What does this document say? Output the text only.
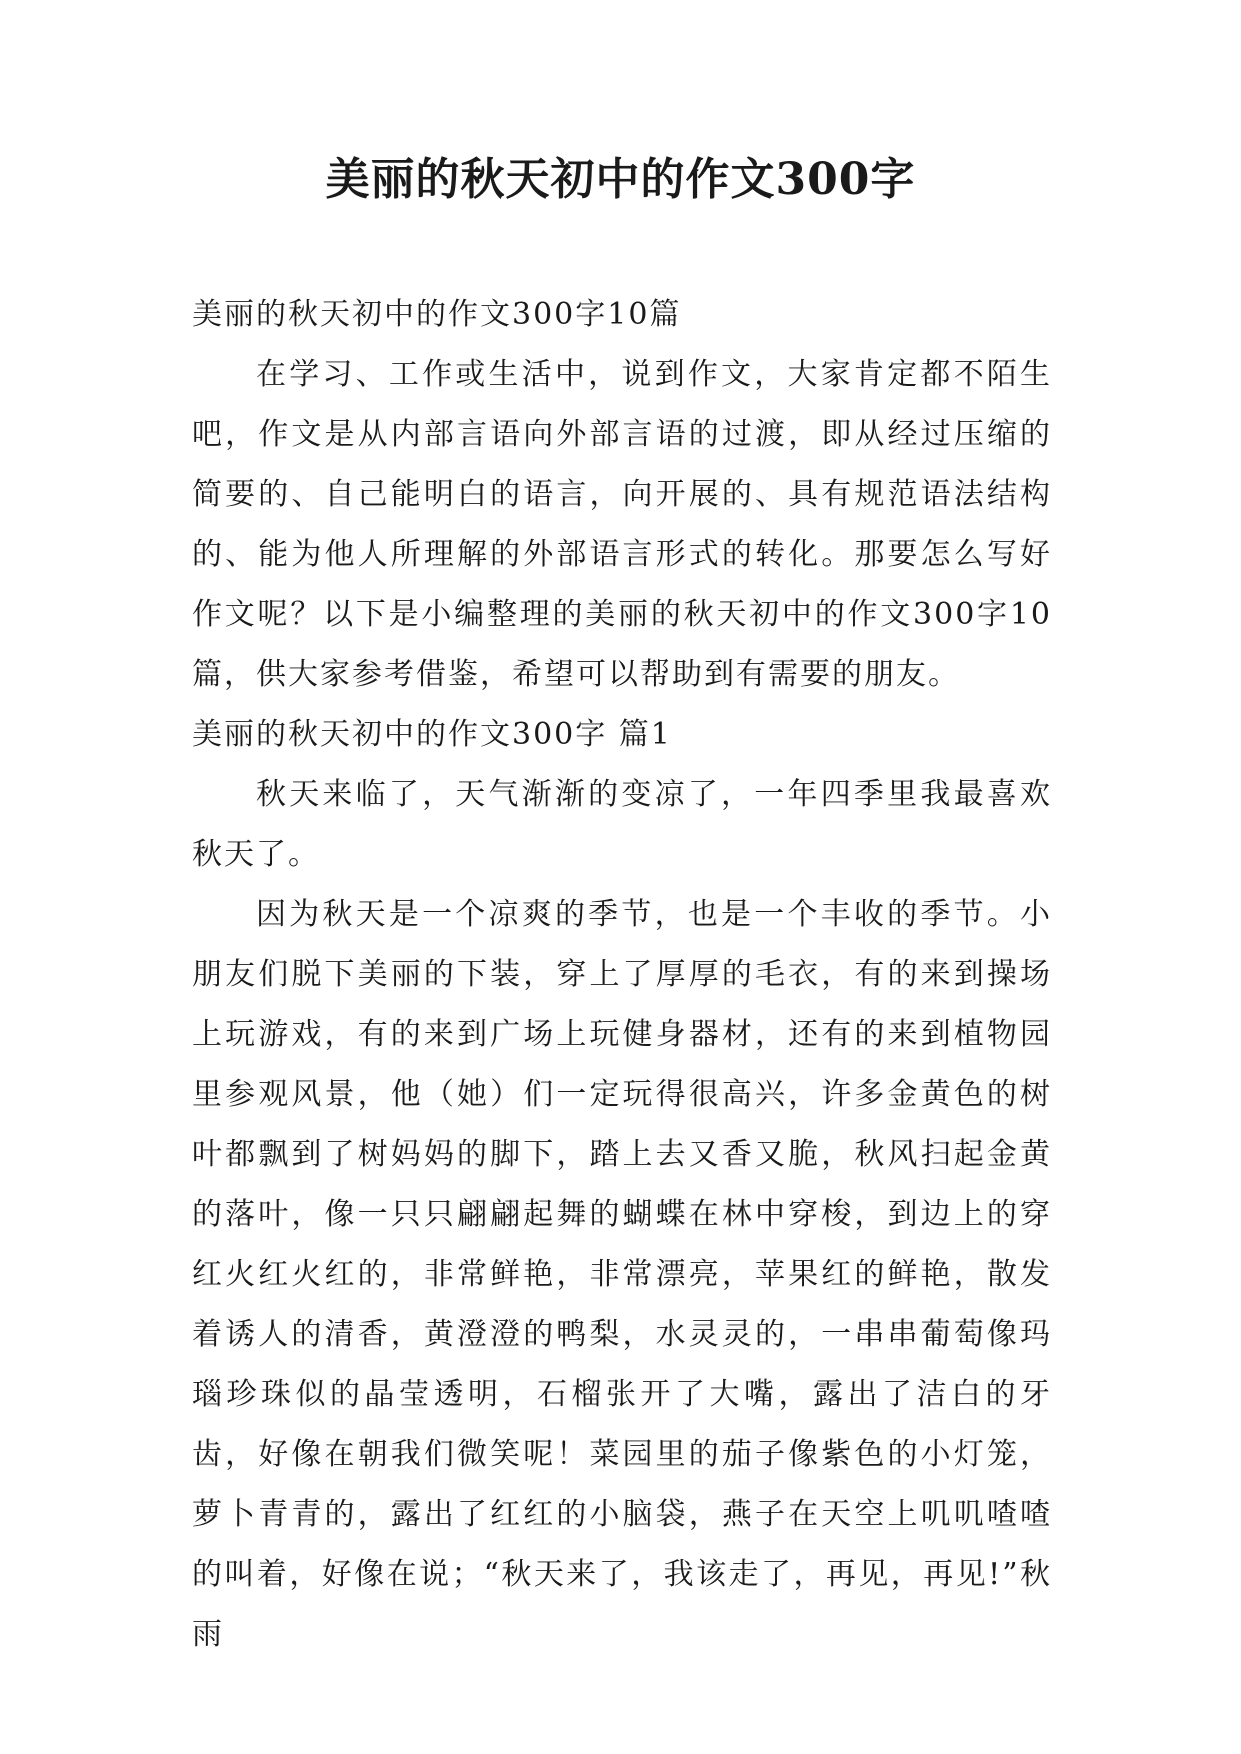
美丽的秋天初中的作文300字

美丽的秋天初中的作文300字10篇

在学习、工作或生活中，说到作文，大家肯定都不陌生吧，作文是从内部言语向外部言语的过渡，即从经过压缩的简要的、自己能明白的语言，向开展的、具有规范语法结构的、能为他人所理解的外部语言形式的转化。那要怎么写好作文呢？以下是小编整理的美丽的秋天初中的作文300字10篇，供大家参考借鉴，希望可以帮助到有需要的朋友。

美丽的秋天初中的作文300字 篇1

秋天来临了，天气渐渐的变凉了，一年四季里我最喜欢秋天了。

因为秋天是一个凉爽的季节，也是一个丰收的季节。小朋友们脱下美丽的下装，穿上了厚厚的毛衣，有的来到操场上玩游戏，有的来到广场上玩健身器材，还有的来到植物园里参观风景，他（她）们一定玩得很高兴，许多金黄色的树叶都飘到了树妈妈的脚下，踏上去又香又脆，秋风扫起金黄的落叶，像一只只翩翩起舞的蝴蝶在林中穿梭，到边上的穿红火红火红的，非常鲜艳，非常漂亮，苹果红的鲜艳，散发着诱人的清香，黄澄澄的鸭梨，水灵灵的，一串串葡萄像玛瑙珍珠似的晶莹透明，石榴张开了大嘴，露出了洁白的牙齿，好像在朝我们微笑呢！菜园里的茄子像紫色的小灯笼，萝卜青青的，露出了红红的小脑袋，燕子在天空上叽叽喳喳的叫着，好像在说；“秋天来了，我该走了，再见，再见!”秋雨
